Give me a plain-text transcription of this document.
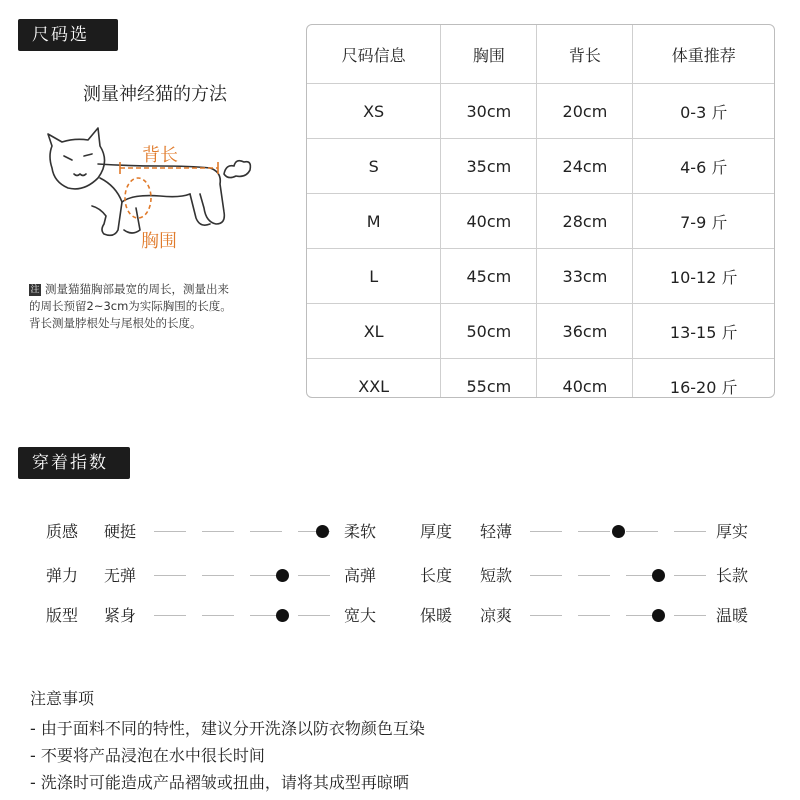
尺码选择
测量神经猫的方法
背长
胸围
注 测量猫猫胸部最宽的周长，测量出来
的周长预留2~3cm为实际胸围的长度。
背长测量脖根处与尾根处的长度。
尺码信息	胸围	背长	体重推荐
XS	30cm	20cm	0-3 斤
S	35cm	24cm	4-6 斤
M	40cm	28cm	7-9 斤
L	45cm	33cm	10-12 斤
XL	50cm	36cm	13-15 斤
XXL	55cm	40cm	16-20 斤
穿着指数
质感 硬挺	柔软
弹力 无弹	高弹
版型 紧身	宽大
厚度 轻薄	厚实
长度 短款	长款
保暖 凉爽	温暖
注意事项
- 由于面料不同的特性，建议分开洗涤以防衣物颜色互染
- 不要将产品浸泡在水中很长时间
- 洗涤时可能造成产品褶皱或扭曲，请将其成型再晾晒
